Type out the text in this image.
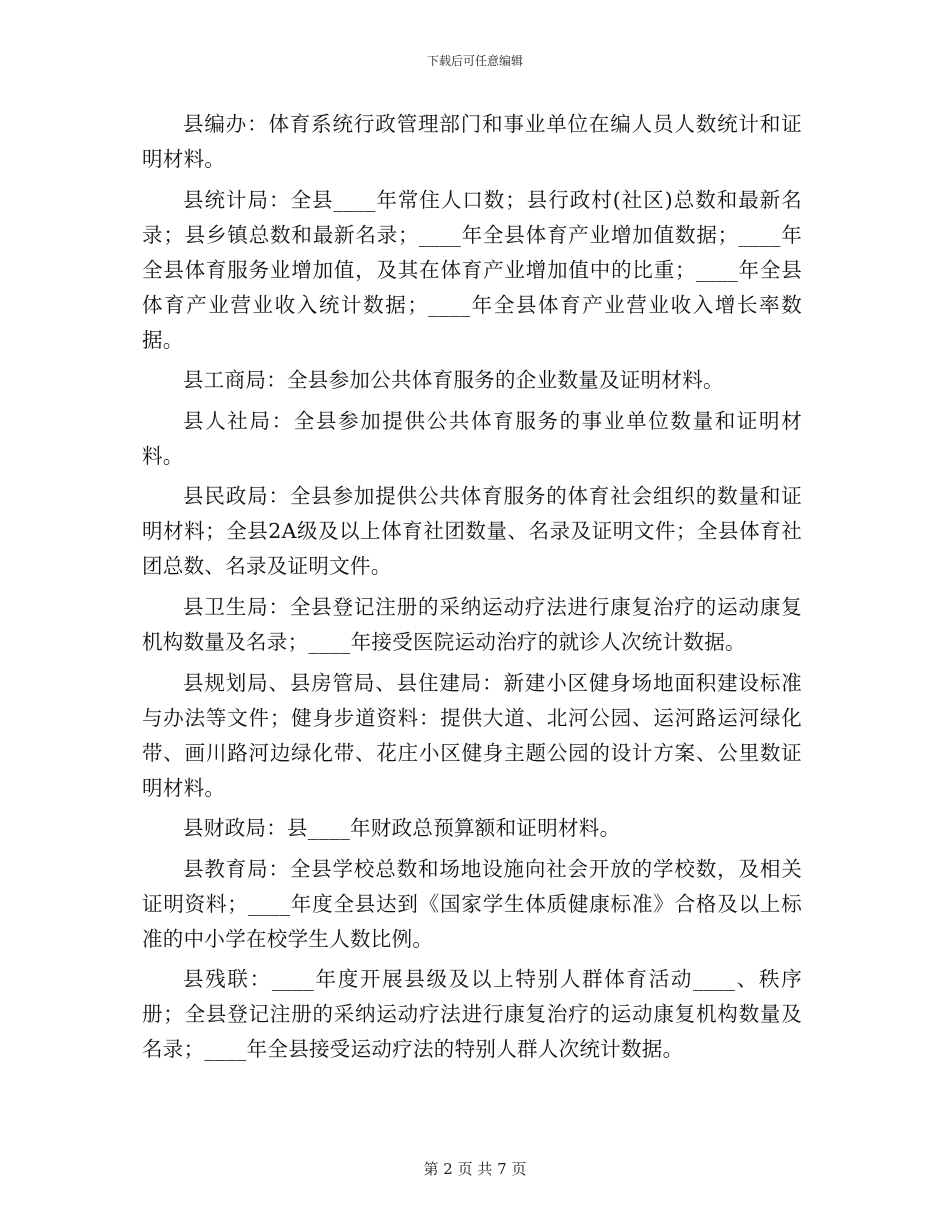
下载后可任意编辑

县编办：体育系统行政管理部门和事业单位在编人员人数统计和证明材料。

县统计局：全县____年常住人口数；县行政村(社区)总数和最新名录；县乡镇总数和最新名录；____年全县体育产业增加值数据；____年全县体育服务业增加值，及其在体育产业增加值中的比重；____年全县体育产业营业收入统计数据；____年全县体育产业营业收入增长率数据。

县工商局：全县参加公共体育服务的企业数量及证明材料。

县人社局：全县参加提供公共体育服务的事业单位数量和证明材料。

县民政局：全县参加提供公共体育服务的体育社会组织的数量和证明材料；全县2A级及以上体育社团数量、名录及证明文件；全县体育社团总数、名录及证明文件。

县卫生局：全县登记注册的采纳运动疗法进行康复治疗的运动康复机构数量及名录；____年接受医院运动治疗的就诊人次统计数据。

县规划局、县房管局、县住建局：新建小区健身场地面积建设标准与办法等文件；健身步道资料：提供大道、北河公园、运河路运河绿化带、画川路河边绿化带、花庄小区健身主题公园的设计方案、公里数证明材料。

县财政局：县____年财政总预算额和证明材料。

县教育局：全县学校总数和场地设施向社会开放的学校数，及相关证明资料；____年度全县达到《国家学生体质健康标准》合格及以上标准的中小学在校学生人数比例。

县残联：____年度开展县级及以上特别人群体育活动____、秩序册；全县登记注册的采纳运动疗法进行康复治疗的运动康复机构数量及名录；____年全县接受运动疗法的特别人群人次统计数据。

第 2 页 共 7 页
